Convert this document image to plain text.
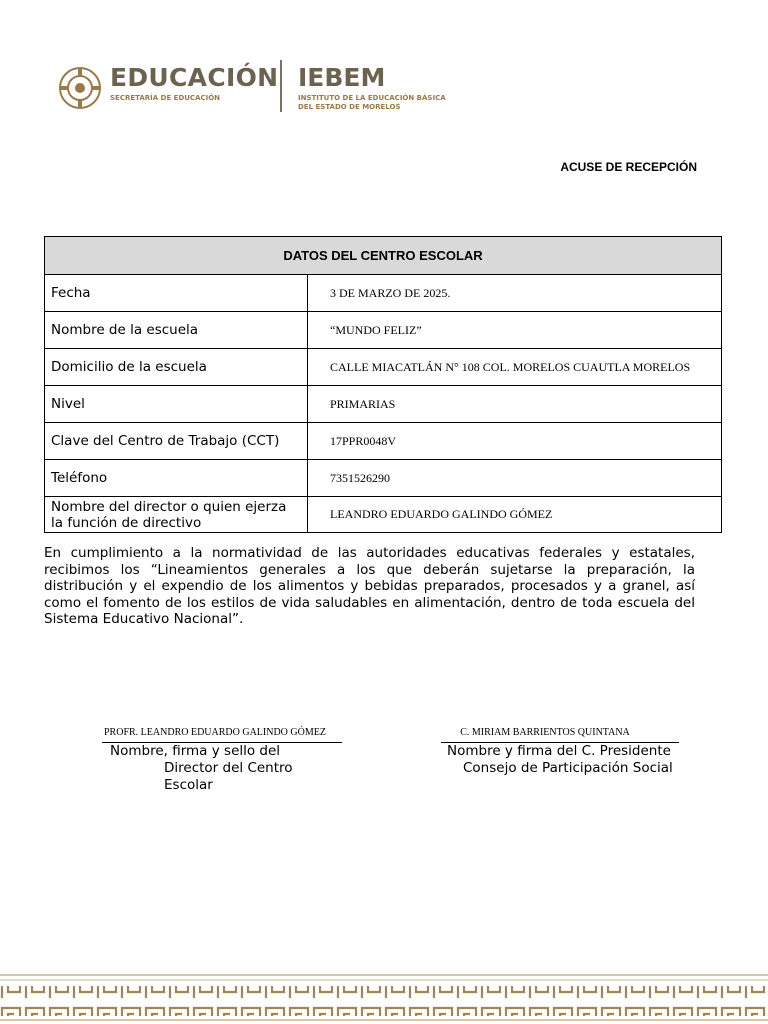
EDUCACIÓN
SECRETARÍA DE EDUCACIÓN
IEBEM
INSTITUTO DE LA EDUCACIÓN BÁSICA
DEL ESTADO DE MORELOS
ACUSE DE RECEPCIÓN
DATOS DEL CENTRO ESCOLAR	
Fecha	3 DE MARZO DE 2025.
Nombre de la escuela	“MUNDO FELIZ”
Domicilio de la escuela	CALLE MIACATLÁN N° 108 COL. MORELOS CUAUTLA MORELOS
Nivel	PRIMARIAS
Clave del Centro de Trabajo (CCT)	17PPR0048V
Teléfono	7351526290
Nombre del director o quien ejerza la función de directivo	LEANDRO EDUARDO GALINDO GÓMEZ
En cumplimiento a la normatividad de las autoridades educativas federales y estatales, recibimos los “Lineamientos generales a los que deberán sujetarse la preparación, la distribución y el expendio de los alimentos y bebidas preparados, procesados y a granel, así como el fomento de los estilos de vida saludables en alimentación, dentro de toda escuela del Sistema Educativo Nacional”.
PROFR. LEANDRO EDUARDO GALINDO GÓMEZ
Nombre, firma y sello del
Director del Centro
Escolar
C. MIRIAM BARRIENTOS QUINTANA
Nombre y firma del C. Presidente
Consejo de Participación Social
